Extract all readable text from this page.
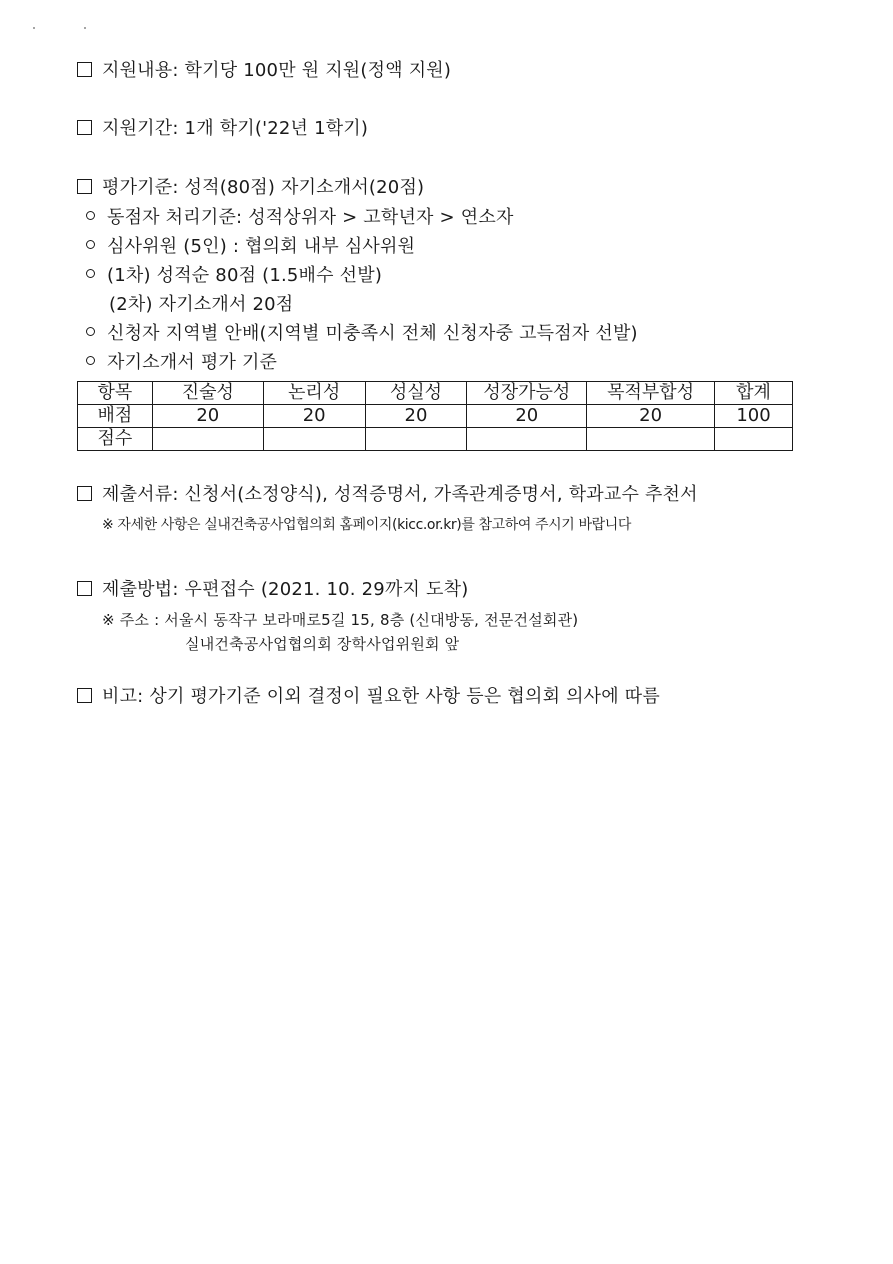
지원내용: 학기당 100만 원 지원(정액 지원)
지원기간: 1개 학기('22년 1학기)
평가기준: 성적(80점) 자기소개서(20점)
동점자 처리기준: 성적상위자 > 고학년자 > 연소자
심사위원 (5인) : 협의회 내부 심사위원
(1차) 성적순 80점 (1.5배수 선발)
(2차) 자기소개서 20점
신청자 지역별 안배(지역별 미충족시 전체 신청자중 고득점자 선발)
자기소개서 평가 기준
항목	진술성	논리성	성실성	성장가능성	목적부합성	합계
배점	20	20	20	20	20	100
점수						
제출서류: 신청서(소정양식), 성적증명서, 가족관계증명서, 학과교수 추천서
※ 자세한 사항은 실내건축공사업협의회 홈페이지(kicc.or.kr)를 참고하여 주시기 바랍니다
제출방법: 우편접수 (2021. 10. 29까지 도착)
※ 주소 : 서울시 동작구 보라매로5길 15, 8층 (신대방동, 전문건설회관)
실내건축공사업협의회 장학사업위원회 앞
비고: 상기 평가기준 이외 결정이 필요한 사항 등은 협의회 의사에 따름
